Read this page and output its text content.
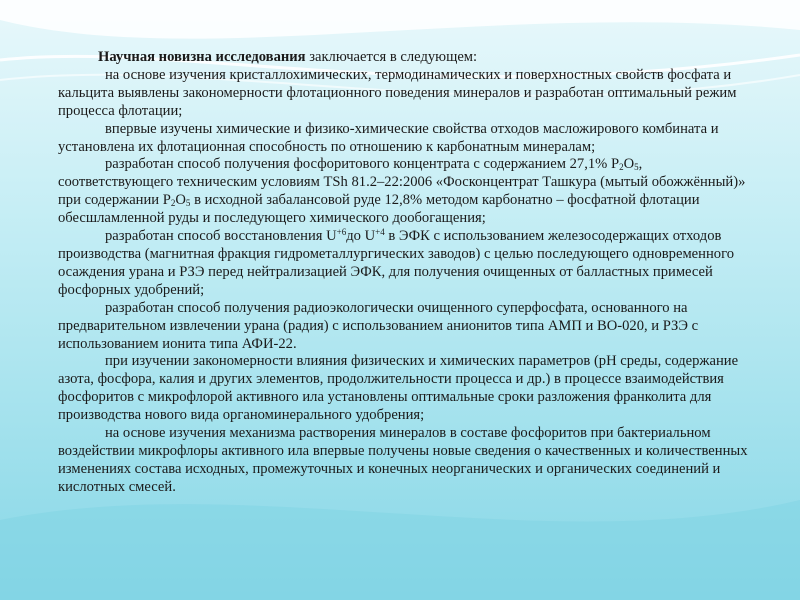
Научная новизна исследования заключается в следующем:

на основе изучения кристаллохимических, термодинамических и поверхностных свойств фосфата и кальцита выявлены закономерности флотационного поведения минералов и разработан оптимальный режим процесса флотации;

впервые изучены химические и физико-химические свойства отходов масложирового комбината и установлена их флотационная способность по отношению к карбонатным минералам;

разработан способ получения фосфоритового концентрата с содержанием 27,1% $Р_2О_5$, соответствующего техническим условиям TSh 81.2–22:2006 «Фосконцентрат Ташкура (мытый обожжённый)» при содержании $Р_2О_5$ в исходной забалансовой руде 12,8% методом карбонатно – фосфатной флотации обесшламленной руды и последующего химического дообогащения;

разработан способ восстановления $U^{+6}до$ $U^{+4}$ в ЭФК с использованием железосодержащих отходов производства (магнитная фракция гидрометаллургических заводов) с целью последующего одновременного осаждения урана и РЗЭ перед нейтрализацией ЭФК, для получения очищенных от балластных примесей фосфорных удобрений;

разработан способ получения радиоэкологически очищенного суперфосфата, основанного на предварительном извлечении урана (радия) с использованием анионитов типа АМП и ВО-020, и РЗЭ с использованием ионита типа АФИ-22.

при изучении закономерности влияния физических и химических параметров (рН среды, содержание азота, фосфора, калия и других элементов, продолжительности процесса и др.) в процессе взаимодействия фосфоритов с микрофлорой активного ила установлены оптимальные сроки разложения франколита для производства нового вида органоминерального удобрения;

на основе изучения механизма растворения минералов в составе фосфоритов при бактериальном воздействии микрофлоры активного ила впервые получены новые сведения о качественных и количественных изменениях состава исходных, промежуточных и конечных неорганических и органических соединений и кислотных смесей.
